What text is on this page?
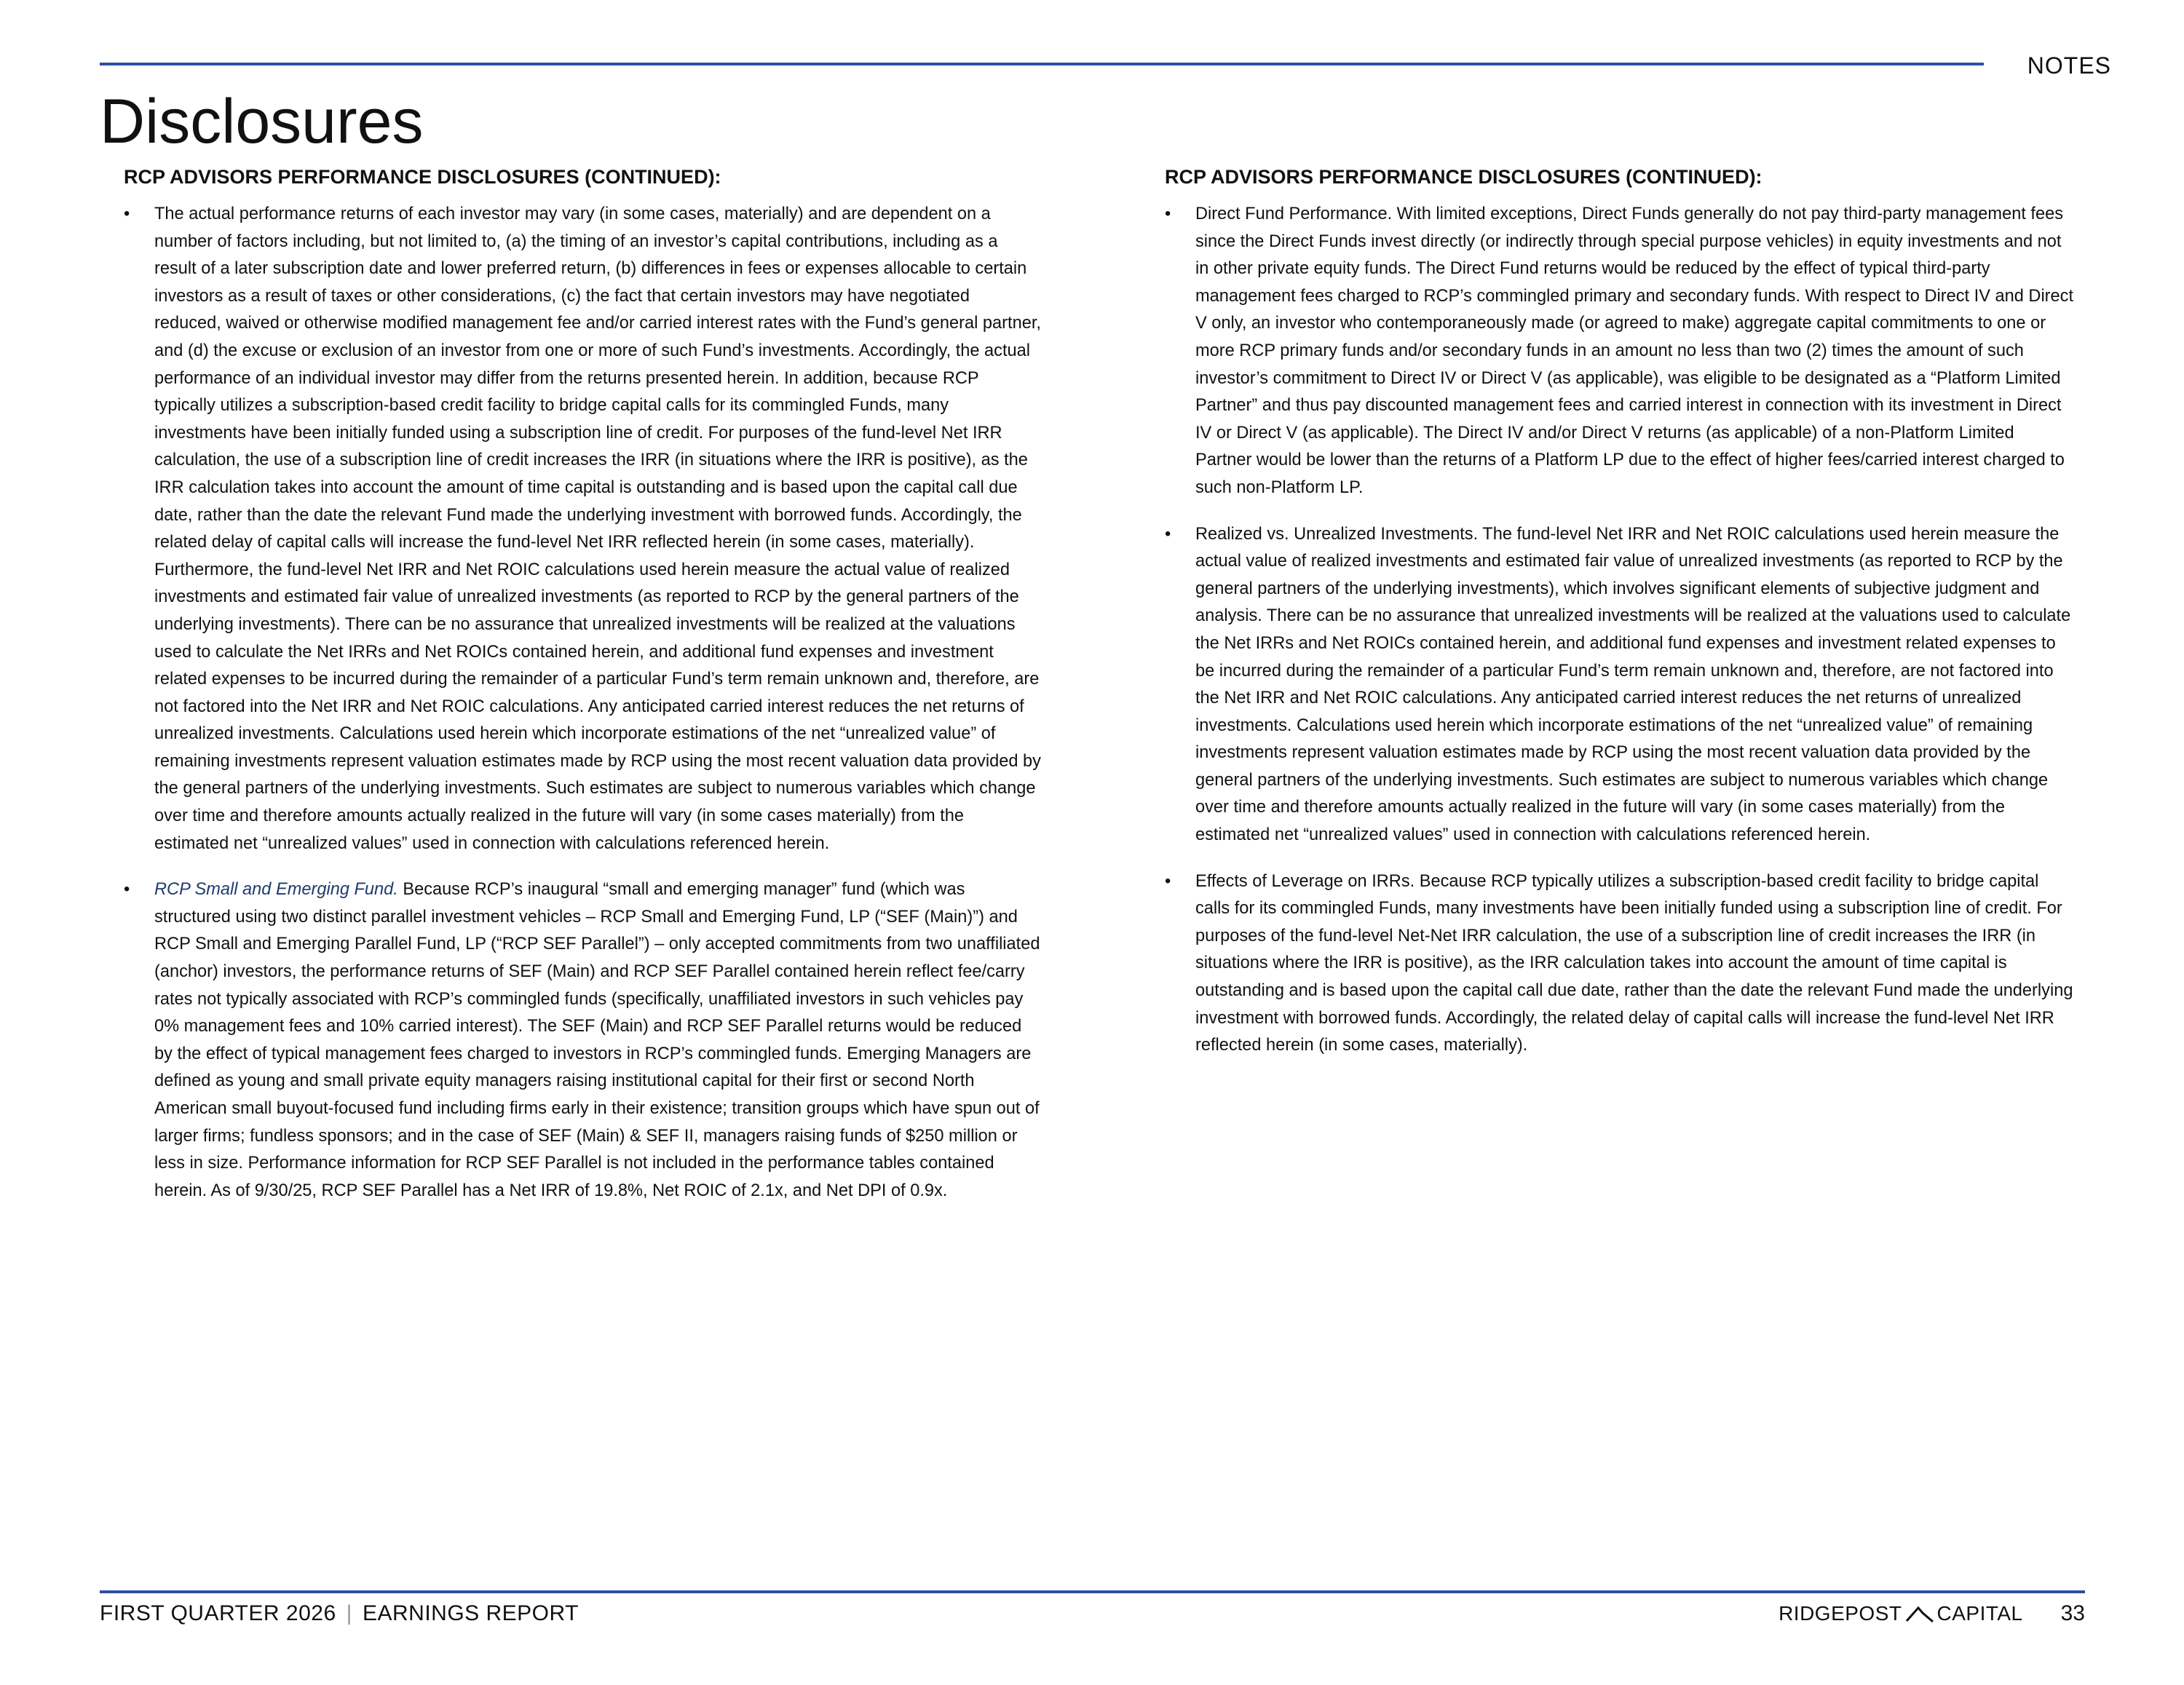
NOTES
Disclosures
RCP ADVISORS PERFORMANCE DISCLOSURES (CONTINUED):
•	The actual performance returns of each investor may vary (in some cases, materially) and are dependent on a number of factors including, but not limited to, (a) the timing of an investor’s capital contributions, including as a result of a later subscription date and lower preferred return, (b) differences in fees or expenses allocable to certain investors as a result of taxes or other considerations, (c) the fact that certain investors may have negotiated reduced, waived or otherwise modified management fee and/or carried interest rates with the Fund’s general partner, and (d) the excuse or exclusion of an investor from one or more of such Fund’s investments. Accordingly, the actual performance of an individual investor may differ from the returns presented herein. In addition, because RCP typically utilizes a subscription-based credit facility to bridge capital calls for its commingled Funds, many investments have been initially funded using a subscription line of credit. For purposes of the fund-level Net IRR calculation, the use of a subscription line of credit increases the IRR (in situations where the IRR is positive), as the IRR calculation takes into account the amount of time capital is outstanding and is based upon the capital call due date, rather than the date the relevant Fund made the underlying investment with borrowed funds. Accordingly, the related delay of capital calls will increase the fund-level Net IRR reflected herein (in some cases, materially). Furthermore, the fund-level Net IRR and Net ROIC calculations used herein measure the actual value of realized investments and estimated fair value of unrealized investments (as reported to RCP by the general partners of the underlying investments). There can be no assurance that unrealized investments will be realized at the valuations used to calculate the Net IRRs and Net ROICs contained herein, and additional fund expenses and investment related expenses to be incurred during the remainder of a particular Fund’s term remain unknown and, therefore, are not factored into the Net IRR and Net ROIC calculations. Any anticipated carried interest reduces the net returns of unrealized investments. Calculations used herein which incorporate estimations of the net “unrealized value” of remaining investments represent valuation estimates made by RCP using the most recent valuation data provided by the general partners of the underlying investments. Such estimates are subject to numerous variables which change over time and therefore amounts actually realized in the future will vary (in some cases materially) from the estimated net “unrealized values” used in connection with calculations referenced herein.
•	RCP Small and Emerging Fund. Because RCP’s inaugural “small and emerging manager” fund (which was structured using two distinct parallel investment vehicles – RCP Small and Emerging Fund, LP (“SEF (Main)”) and RCP Small and Emerging Parallel Fund, LP (“RCP SEF Parallel”) – only accepted commitments from two unaffiliated (anchor) investors, the performance returns of SEF (Main) and RCP SEF Parallel contained herein reflect fee/carry rates not typically associated with RCP’s commingled funds (specifically, unaffiliated investors in such vehicles pay 0% management fees and 10% carried interest). The SEF (Main) and RCP SEF Parallel returns would be reduced by the effect of typical management fees charged to investors in RCP’s commingled funds. Emerging Managers are defined as young and small private equity managers raising institutional capital for their first or second North American small buyout-focused fund including firms early in their existence; transition groups which have spun out of larger firms; fundless sponsors; and in the case of SEF (Main) & SEF II, managers raising funds of $250 million or less in size. Performance information for RCP SEF Parallel is not included in the performance tables contained herein. As of 9/30/25, RCP SEF Parallel has a Net IRR of 19.8%, Net ROIC of 2.1x, and Net DPI of 0.9x.
RCP ADVISORS PERFORMANCE DISCLOSURES (CONTINUED):
•	Direct Fund Performance. With limited exceptions, Direct Funds generally do not pay third-party management fees since the Direct Funds invest directly (or indirectly through special purpose vehicles) in equity investments and not in other private equity funds. The Direct Fund returns would be reduced by the effect of typical third-party management fees charged to RCP’s commingled primary and secondary funds. With respect to Direct IV and Direct V only, an investor who contemporaneously made (or agreed to make) aggregate capital commitments to one or more RCP primary funds and/or secondary funds in an amount no less than two (2) times the amount of such investor’s commitment to Direct IV or Direct V (as applicable), was eligible to be designated as a “Platform Limited Partner” and thus pay discounted management fees and carried interest in connection with its investment in Direct IV or Direct V (as applicable). The Direct IV and/or Direct V returns (as applicable) of a non-Platform Limited Partner would be lower than the returns of a Platform LP due to the effect of higher fees/carried interest charged to such non-Platform LP.
•	Realized vs. Unrealized Investments. The fund-level Net IRR and Net ROIC calculations used herein measure the actual value of realized investments and estimated fair value of unrealized investments (as reported to RCP by the general partners of the underlying investments), which involves significant elements of subjective judgment and analysis. There can be no assurance that unrealized investments will be realized at the valuations used to calculate the Net IRRs and Net ROICs contained herein, and additional fund expenses and investment related expenses to be incurred during the remainder of a particular Fund’s term remain unknown and, therefore, are not factored into the Net IRR and Net ROIC calculations. Any anticipated carried interest reduces the net returns of unrealized investments. Calculations used herein which incorporate estimations of the net “unrealized value” of remaining investments represent valuation estimates made by RCP using the most recent valuation data provided by the general partners of the underlying investments. Such estimates are subject to numerous variables which change over time and therefore amounts actually realized in the future will vary (in some cases materially) from the estimated net “unrealized values” used in connection with calculations referenced herein.
•	Effects of Leverage on IRRs. Because RCP typically utilizes a subscription-based credit facility to bridge capital calls for its commingled Funds, many investments have been initially funded using a subscription line of credit. For purposes of the fund-level Net-Net IRR calculation, the use of a subscription line of credit increases the IRR (in situations where the IRR is positive), as the IRR calculation takes into account the amount of time capital is outstanding and is based upon the capital call due date, rather than the date the relevant Fund made the underlying investment with borrowed funds. Accordingly, the related delay of capital calls will increase the fund-level Net IRR reflected herein (in some cases, materially).
FIRST QUARTER 2026 | EARNINGS REPORT	RIDGEPOST CAPITAL 33
